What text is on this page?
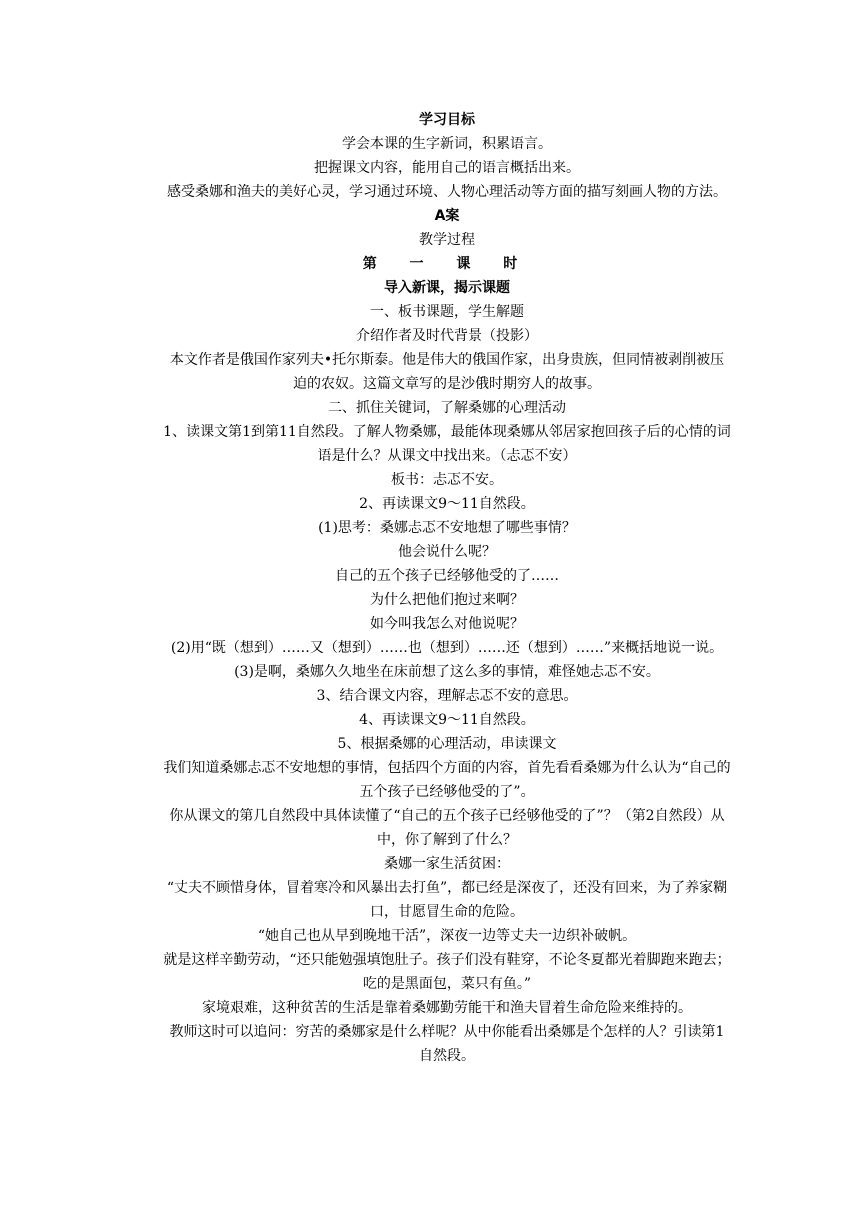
学习目标

学会本课的生字新词，积累语言。

把握课文内容，能用自己的语言概括出来。

感受桑娜和渔夫的美好心灵，学习通过环境、人物心理活动等方面的描写刻画人物的方法。

A案

教学过程

第 一 课 时

导入新课，揭示课题

一、板书课题，学生解题

介绍作者及时代背景（投影）

本文作者是俄国作家列夫•托尔斯泰。他是伟大的俄国作家，出身贵族，但同情被剥削被压迫的农奴。这篇文章写的是沙俄时期穷人的故事。

二、抓住关键词，了解桑娜的心理活动

1、读课文第1到第11自然段。了解人物桑娜，最能体现桑娜从邻居家抱回孩子后的心情的词语是什么？从课文中找出来。（忐忑不安）

板书：忐忑不安。

2、再读课文9～11自然段。

(1)思考：桑娜忐忑不安地想了哪些事情？

他会说什么呢？

自己的五个孩子已经够他受的了……

为什么把他们抱过来啊？

如今叫我怎么对他说呢？

(2)用“既（想到）……又（想到）……也（想到）……还（想到）……”来概括地说一说。

(3)是啊，桑娜久久地坐在床前想了这么多的事情，难怪她忐忑不安。

3、结合课文内容，理解忐忑不安的意思。

4、再读课文9～11自然段。

5、根据桑娜的心理活动，串读课文

我们知道桑娜忐忑不安地想的事情，包括四个方面的内容，首先看看桑娜为什么认为“自己的五个孩子已经够他受的了”。

你从课文的第几自然段中具体读懂了“自己的五个孩子已经够他受的了”？（第2自然段）从中，你了解到了什么？

桑娜一家生活贫困：

“丈夫不顾惜身体，冒着寒冷和风暴出去打鱼”，都已经是深夜了，还没有回来，为了养家糊口，甘愿冒生命的危险。

“她自己也从早到晚地干活”，深夜一边等丈夫一边织补破帆。

就是这样辛勤劳动，“还只能勉强填饱肚子。孩子们没有鞋穿，不论冬夏都光着脚跑来跑去；吃的是黑面包，菜只有鱼。”

家境艰难，这种贫苦的生活是靠着桑娜勤劳能干和渔夫冒着生命危险来维持的。

教师这时可以追问：穷苦的桑娜家是什么样呢？从中你能看出桑娜是个怎样的人？引读第1自然段。
